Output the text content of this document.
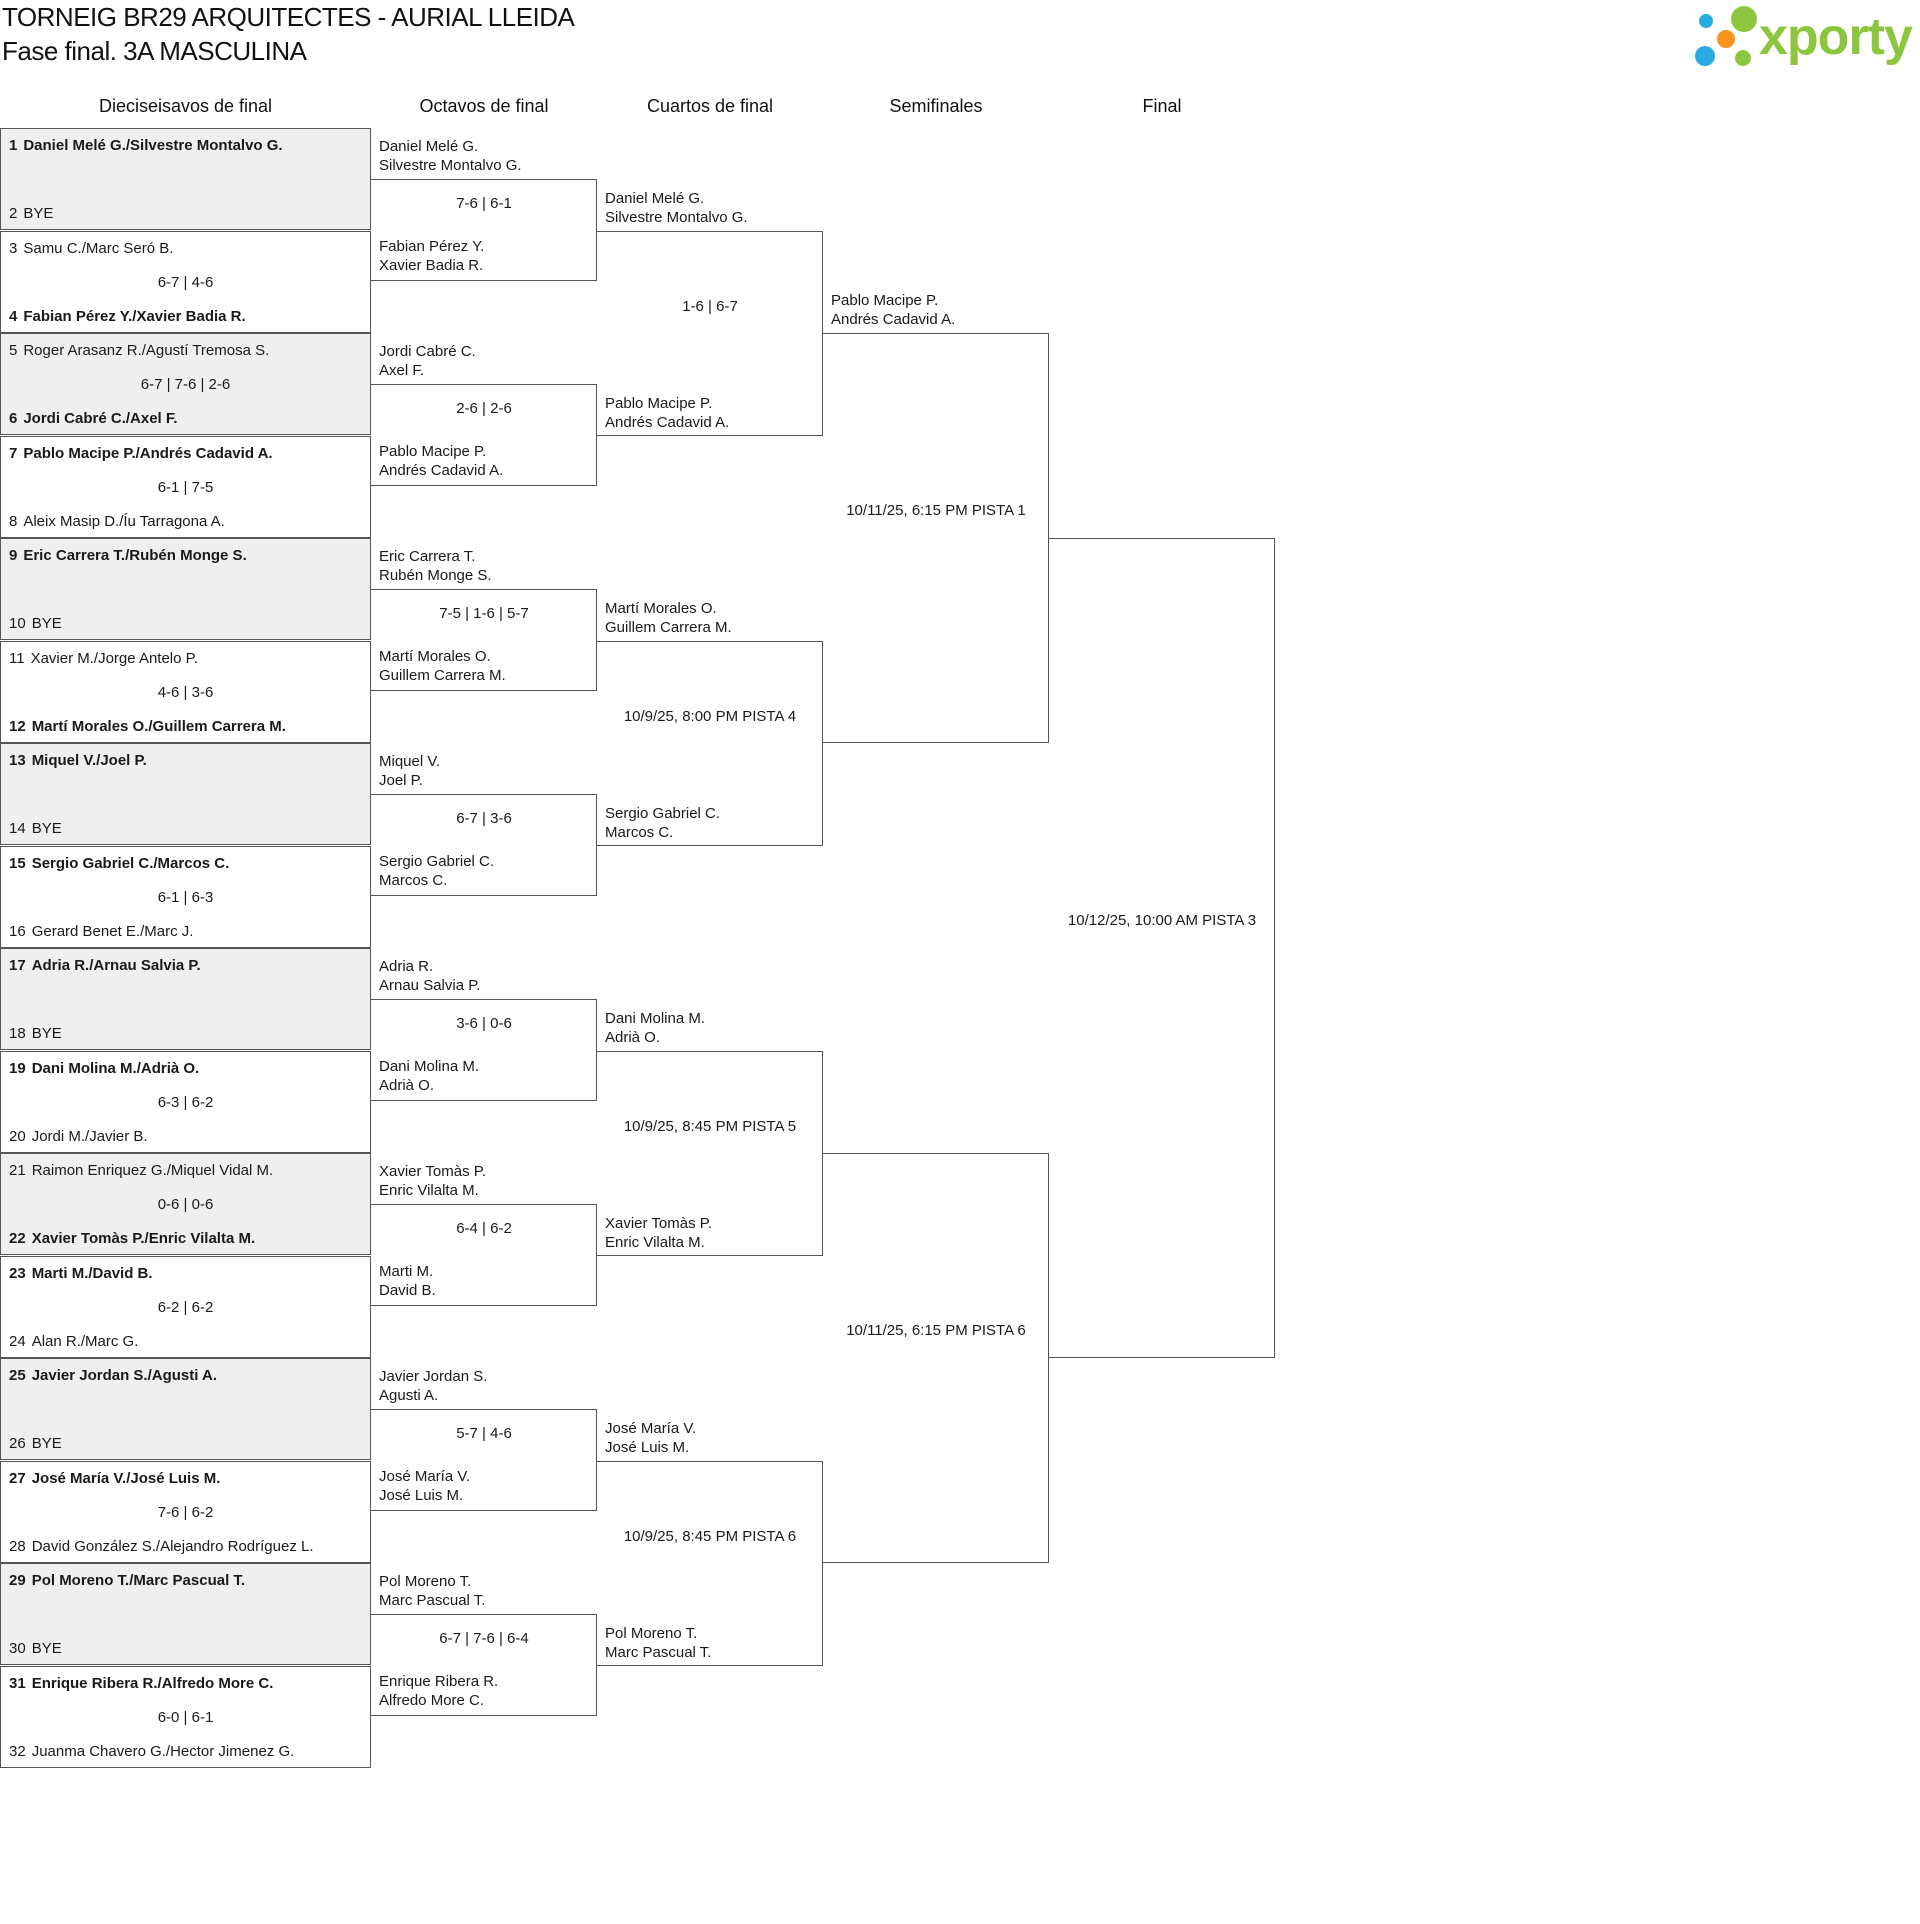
TORNEIG BR29 ARQUITECTES - AURIAL LLEIDA
Fase final. 3A MASCULINA	xporty
Dieciseisavos de final	Octavos de final	Cuartos de final	Semifinales	Final
1 Daniel Melé G./Silvestre Montalvo G.
2 BYE
3 Samu C./Marc Seró B.
6-7 | 4-6
4 Fabian Pérez Y./Xavier Badia R.
5 Roger Arasanz R./Agustí Tremosa S.
6-7 | 7-6 | 2-6
6 Jordi Cabré C./Axel F.
7 Pablo Macipe P./Andrés Cadavid A.
6-1 | 7-5
8 Aleix Masip D./Íu Tarragona A.
9 Eric Carrera T./Rubén Monge S.
10 BYE
11 Xavier M./Jorge Antelo P.
4-6 | 3-6
12 Martí Morales O./Guillem Carrera M.
13 Miquel V./Joel P.
14 BYE
15 Sergio Gabriel C./Marcos C.
6-1 | 6-3
16 Gerard Benet E./Marc J.
17 Adria R./Arnau Salvia P.
18 BYE
19 Dani Molina M./Adrià O.
6-3 | 6-2
20 Jordi M./Javier B.
21 Raimon Enriquez G./Miquel Vidal M.
0-6 | 0-6
22 Xavier Tomàs P./Enric Vilalta M.
23 Marti M./David B.
6-2 | 6-2
24 Alan R./Marc G.
25 Javier Jordan S./Agusti A.
26 BYE
27 José María V./José Luis M.
7-6 | 6-2
28 David González S./Alejandro Rodríguez L.
29 Pol Moreno T./Marc Pascual T.
30 BYE
31 Enrique Ribera R./Alfredo More C.
6-0 | 6-1
32 Juanma Chavero G./Hector Jimenez G.
Daniel Melé G.
Silvestre Montalvo G.
7-6 | 6-1
Fabian Pérez Y.
Xavier Badia R.
Jordi Cabré C.
Axel F.
2-6 | 2-6
Pablo Macipe P.
Andrés Cadavid A.
Eric Carrera T.
Rubén Monge S.
7-5 | 1-6 | 5-7
Martí Morales O.
Guillem Carrera M.
Miquel V.
Joel P.
6-7 | 3-6
Sergio Gabriel C.
Marcos C.
Adria R.
Arnau Salvia P.
3-6 | 0-6
Dani Molina M.
Adrià O.
Xavier Tomàs P.
Enric Vilalta M.
6-4 | 6-2
Marti M.
David B.
Javier Jordan S.
Agusti A.
5-7 | 4-6
José María V.
José Luis M.
Pol Moreno T.
Marc Pascual T.
6-7 | 7-6 | 6-4
Enrique Ribera R.
Alfredo More C.
Daniel Melé G.
Silvestre Montalvo G.
1-6 | 6-7
Pablo Macipe P.
Andrés Cadavid A.
Martí Morales O.
Guillem Carrera M.
10/9/25, 8:00 PM PISTA 4
Sergio Gabriel C.
Marcos C.
Dani Molina M.
Adrià O.
10/9/25, 8:45 PM PISTA 5
Xavier Tomàs P.
Enric Vilalta M.
José María V.
José Luis M.
10/9/25, 8:45 PM PISTA 6
Pol Moreno T.
Marc Pascual T.
Pablo Macipe P.
Andrés Cadavid A.
10/11/25, 6:15 PM PISTA 1
10/11/25, 6:15 PM PISTA 6
10/12/25, 10:00 AM PISTA 3
